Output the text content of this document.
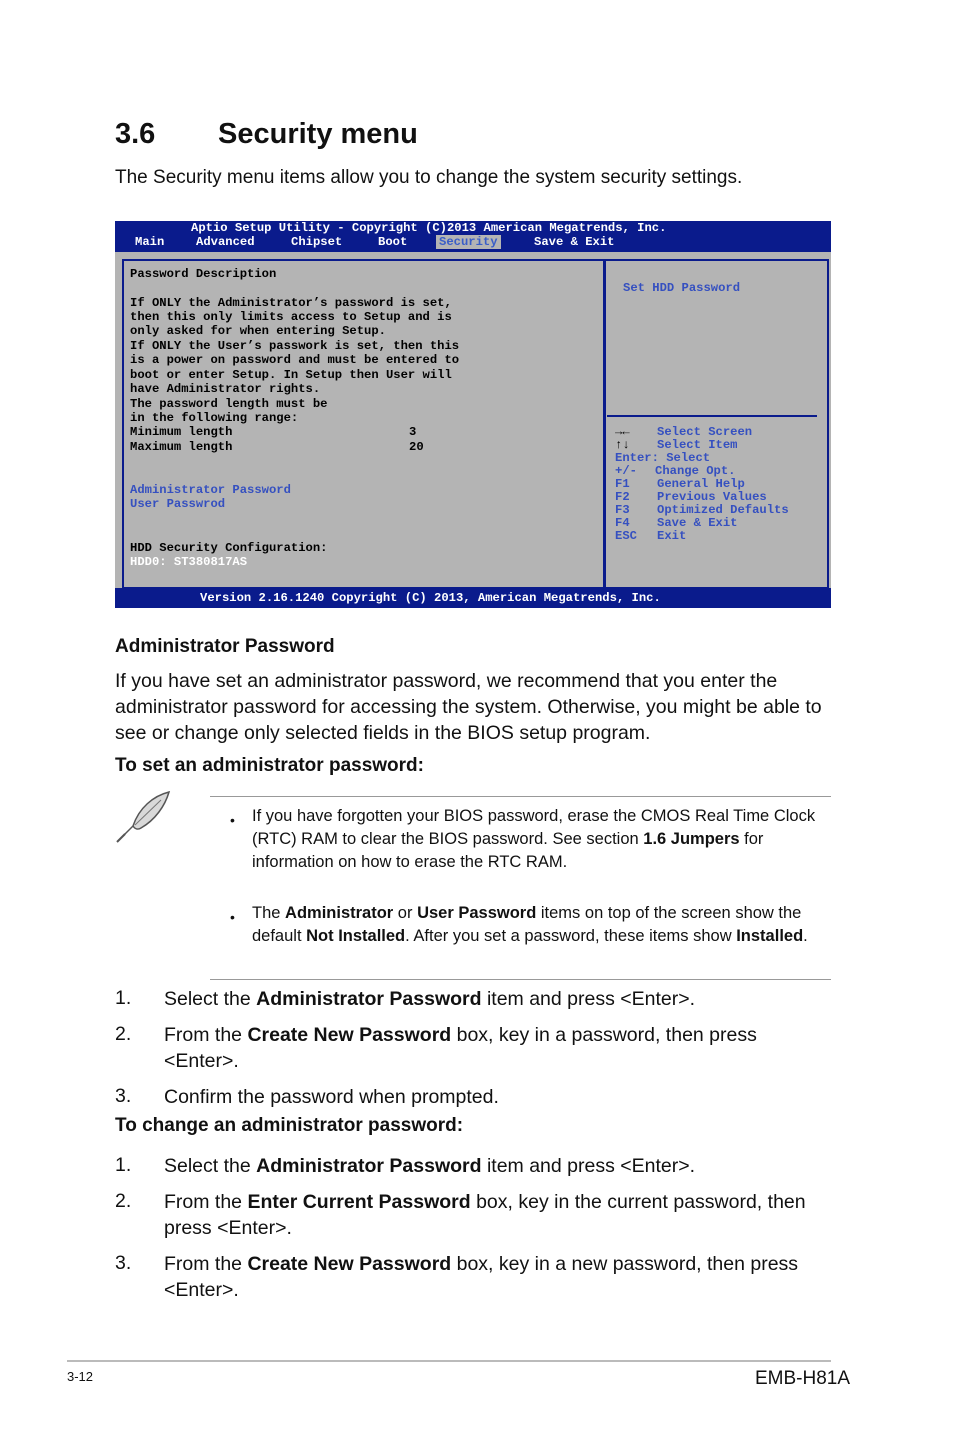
3.6 Security menu
The Security menu items allow you to change the system security settings.
Aptio Setup Utility - Copyright (C)2013 American Megatrends, Inc.
Main	Advanced	Chipset	Boot	Security	Save & Exit
Password Description
If ONLY the Administrator’s password is set,
then this only limits access to Setup and is
only asked for when entering Setup.
If ONLY the User’s passwork is set, then this
is a power on password and must be entered to
boot or enter Setup. In Setup then User will
have Administrator rights.
The password length must be
in the following range:
Minimum length	3
Maximum length	20
Administrator Password
User Passwrod
HDD Security Configuration:
HDD0: ST380817AS
Set HDD Password
→← Select Screen
↑↓ Select Item
Enter: Select
+/- Change Opt.
F1 General Help
F2 Previous Values
F3 Optimized Defaults
F4 Save & Exit
ESC Exit
Version 2.16.1240 Copyright (C) 2013, American Megatrends, Inc.
Administrator Password
If you have set an administrator password, we recommend that you enter the administrator password for accessing the system. Otherwise, you might be able to see or change only selected fields in the BIOS setup program.
To set an administrator password:
• If you have forgotten your BIOS password, erase the CMOS Real Time Clock (RTC) RAM to clear the BIOS password. See section 1.6 Jumpers for information on how to erase the RTC RAM.
• The Administrator or User Password items on top of the screen show the default Not Installed. After you set a password, these items show Installed.
1. Select the Administrator Password item and press <Enter>.
2. From the Create New Password box, key in a password, then press <Enter>.
3. Confirm the password when prompted.
To change an administrator password:
1. Select the Administrator Password item and press <Enter>.
2. From the Enter Current Password box, key in the current password, then press <Enter>.
3. From the Create New Password box, key in a new password, then press <Enter>.
3-12	EMB-H81A
